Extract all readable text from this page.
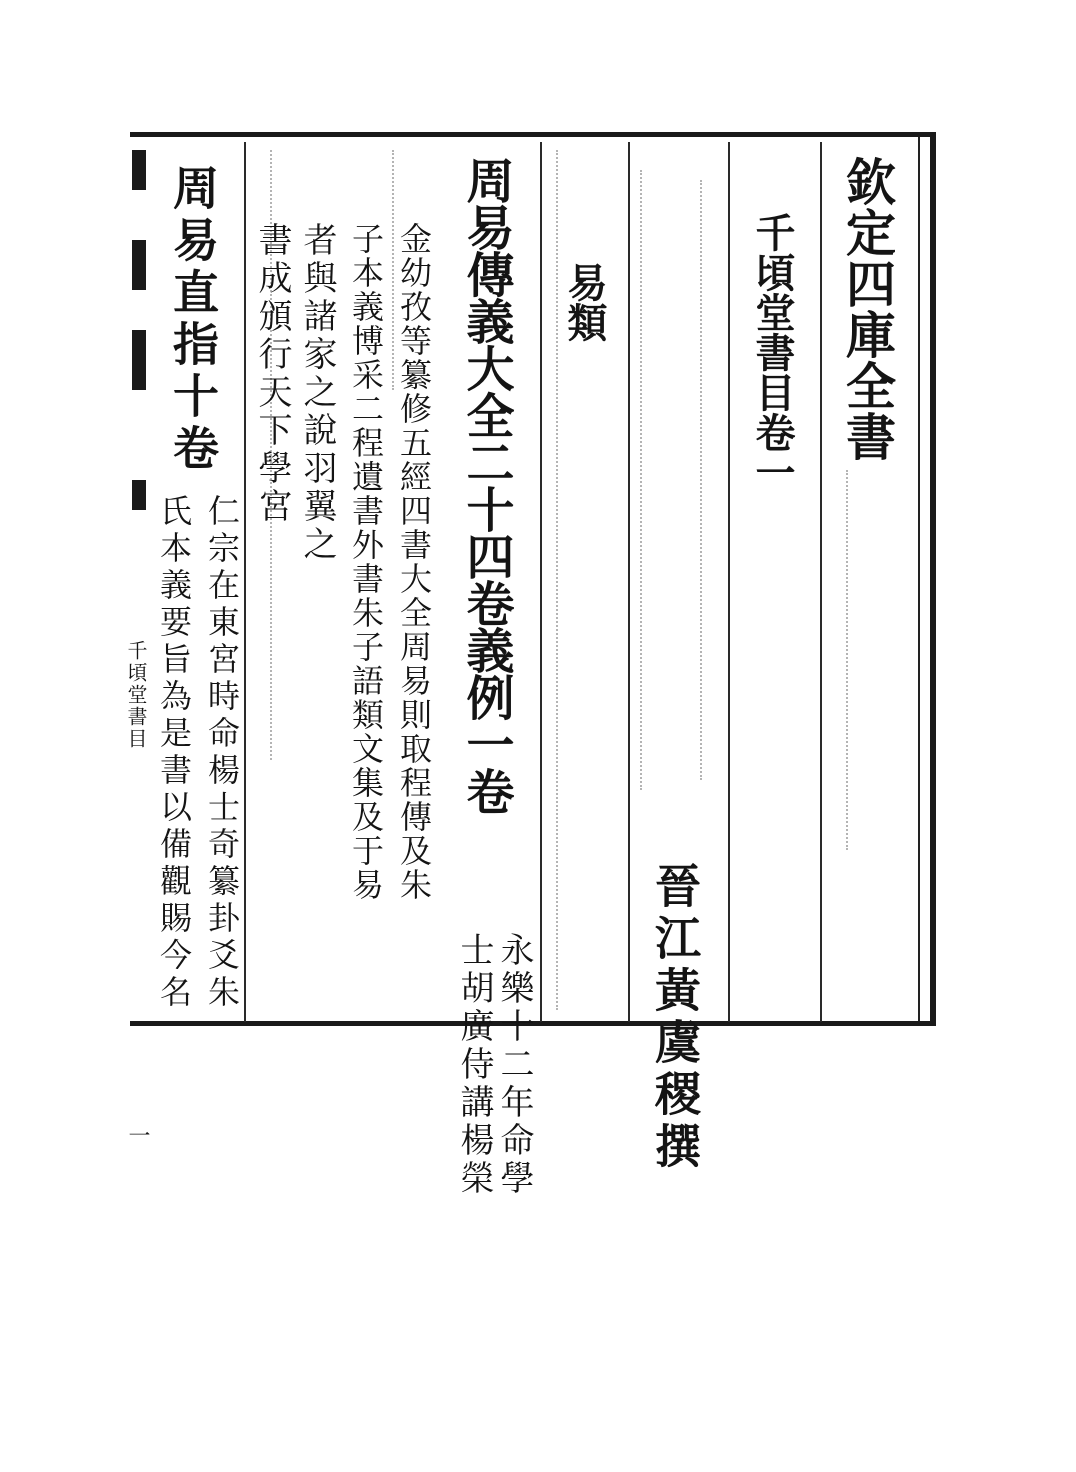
欽定四庫全書

千頃堂書目卷一

晉江黃虞稷撰

易類

周易傳義大全二十四卷義例一卷

永樂十二年命學

士胡廣侍講楊榮

金幼孜等纂修五經四書大全周易則取程傳及朱

子本義博采二程遺書外書朱子語類文集及于易

者與諸家之說羽翼之

書成頒行天下學宮

周易直指十卷

仁宗在東宮時命楊士奇纂卦爻朱

氏本義要旨為是書以備觀賜今名

千頃堂書目

一
